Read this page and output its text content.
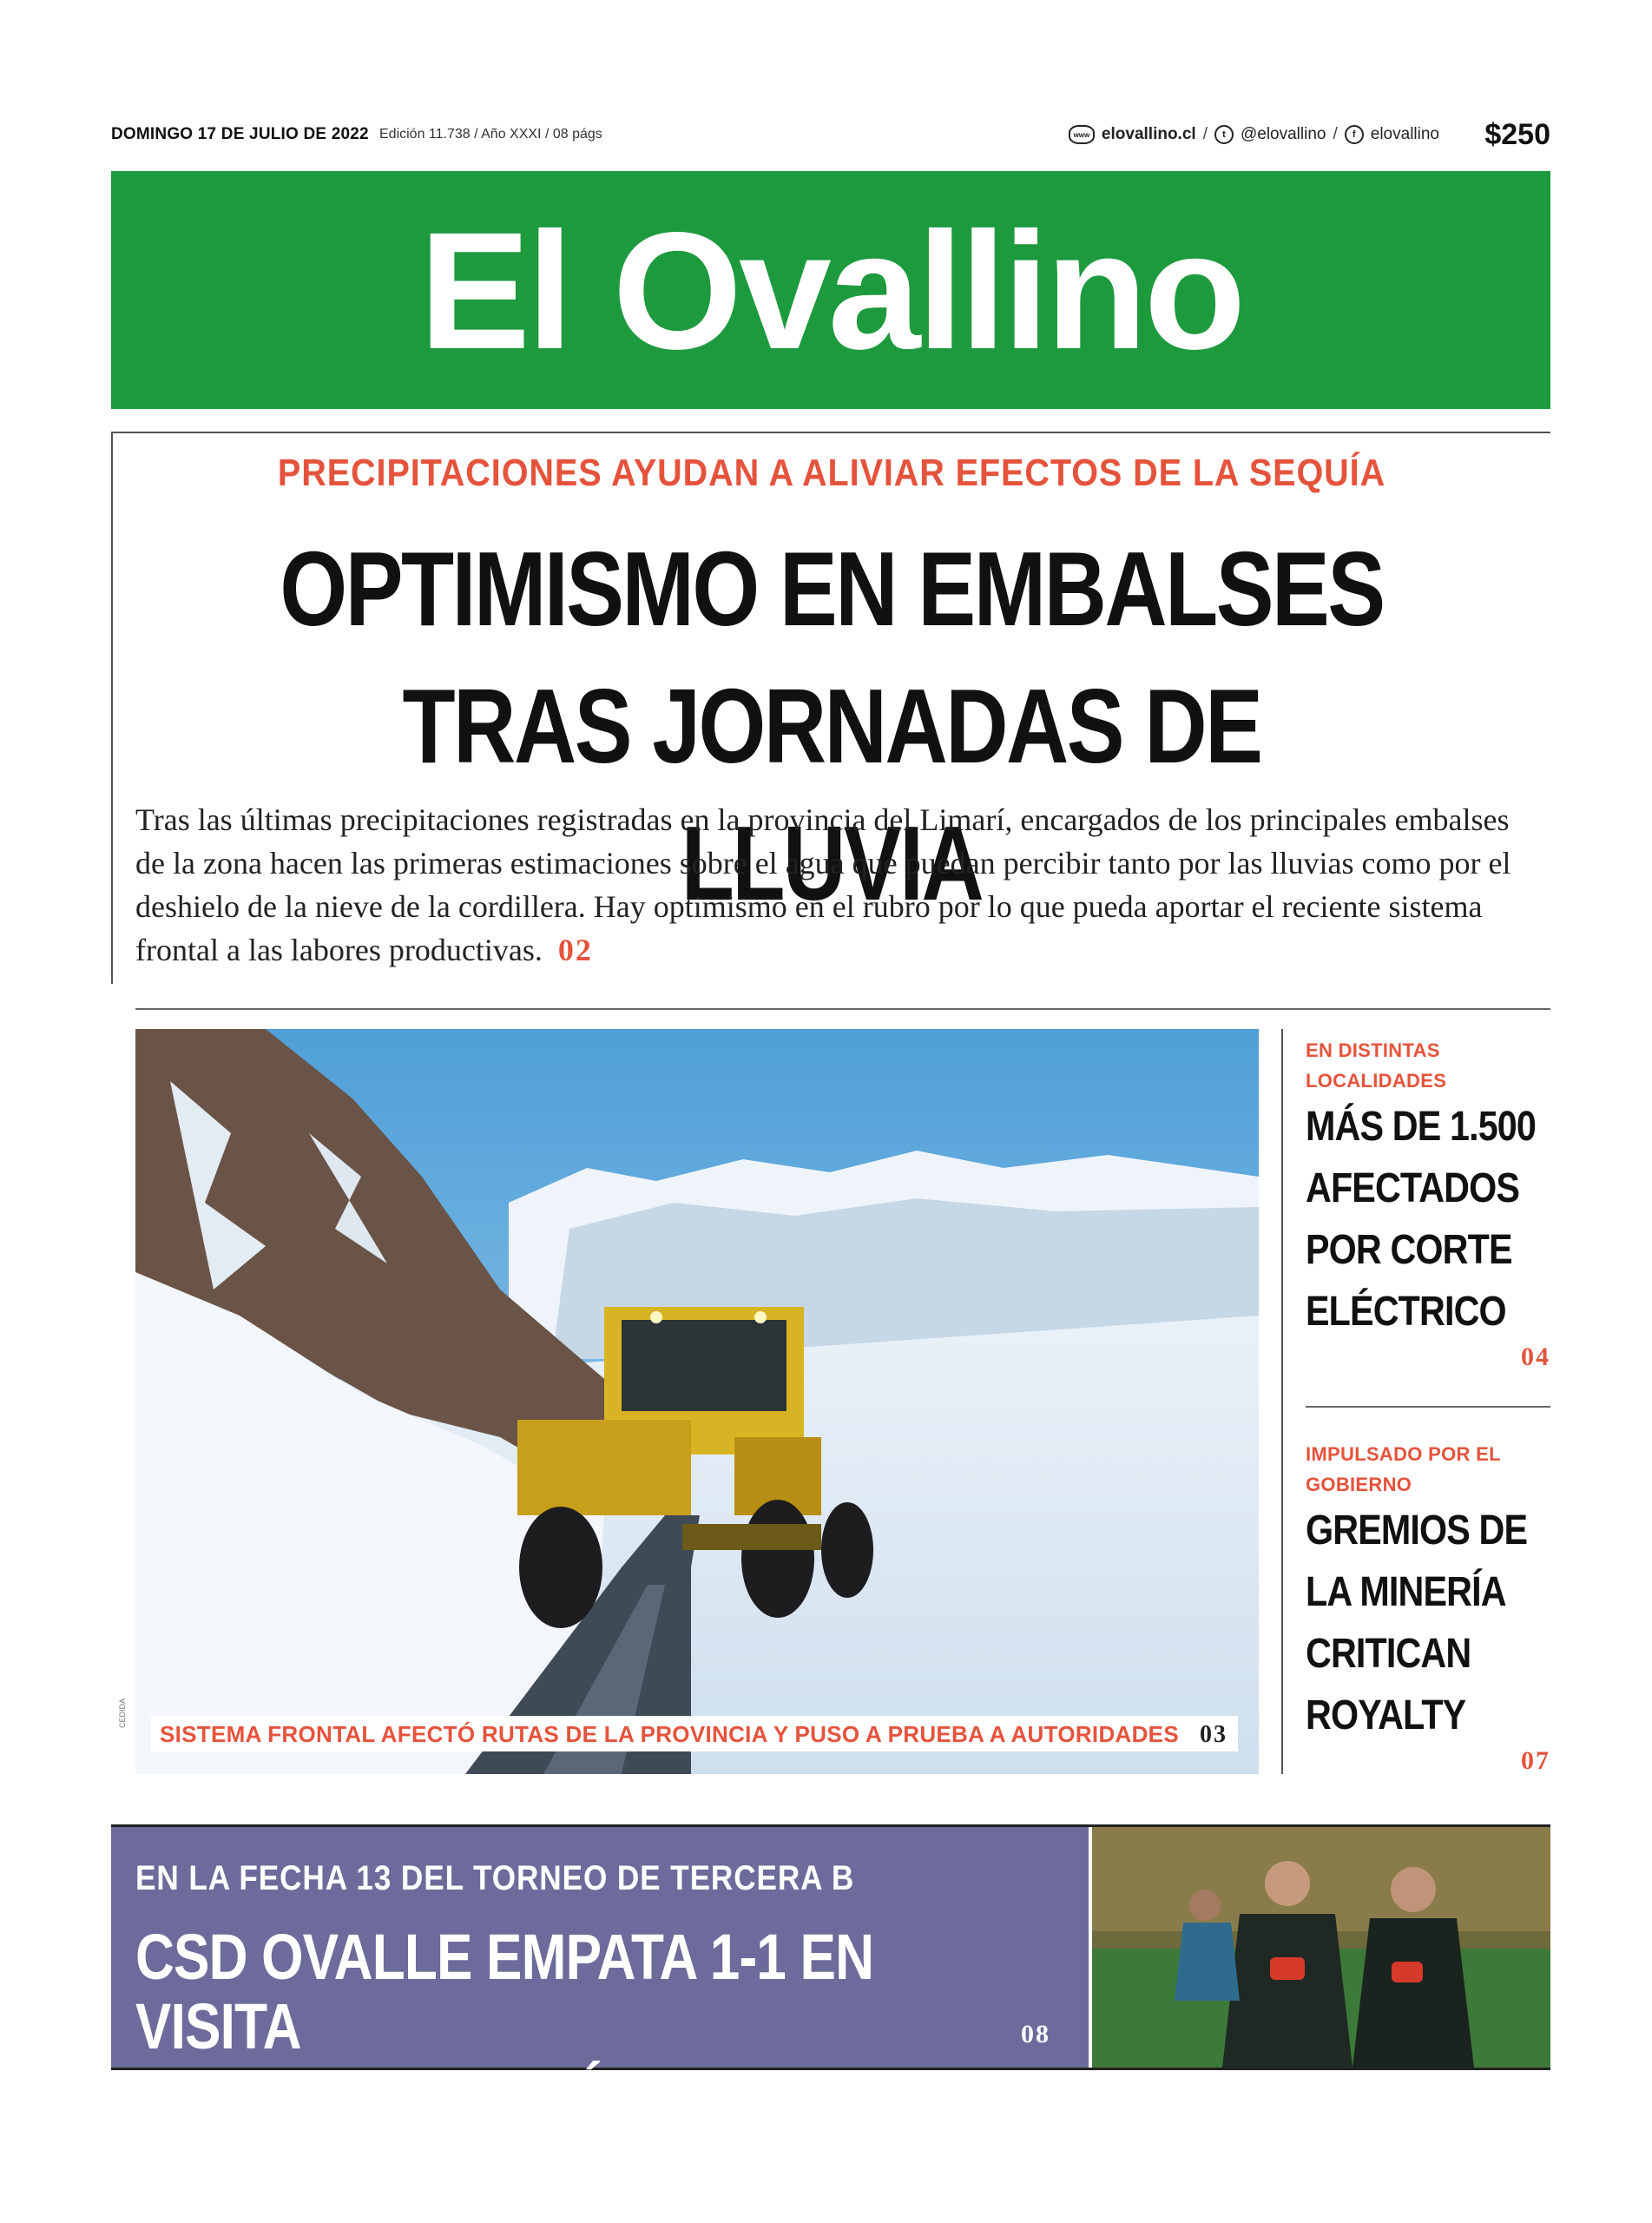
DOMINGO 17 DE JULIO DE 2022 Edición 11.738 / Año XXXI / 08 págs	www elovallino.cl /	t @elovallino /	f elovallino $250
El Ovallino
PRECIPITACIONES AYUDAN A ALIVIAR EFECTOS DE LA SEQUÍA
OPTIMISMO EN EMBALSES
TRAS JORNADAS DE LLUVIA

Tras las últimas precipitaciones registradas en la provincia del Limarí, encargados de los principales embalses de la zona hacen las primeras estimaciones sobre el agua que puedan percibir tanto por las lluvias como por el deshielo de la nieve de la cordillera. Hay optimismo en el rubro por lo que pueda aportar el reciente sistema frontal a las labores productivas. 02

SISTEMA FRONTAL AFECTÓ RUTAS DE LA PROVINCIA Y PUSO A PRUEBA A AUTORIDADES 03
CEDIDA
EN DISTINTAS LOCALIDADES
MÁS DE 1.500 AFECTADOS POR CORTE ELÉCTRICO
04
IMPULSADO POR EL GOBIERNO
GREMIOS DE LA MINERÍA CRITICAN ROYALTY
07
EN LA FECHA 13 DEL TORNEO DE TERCERA B
CSD OVALLE EMPATA 1-1 EN VISITA
A ESCUELA DE FÚTBOL MACUL
08
